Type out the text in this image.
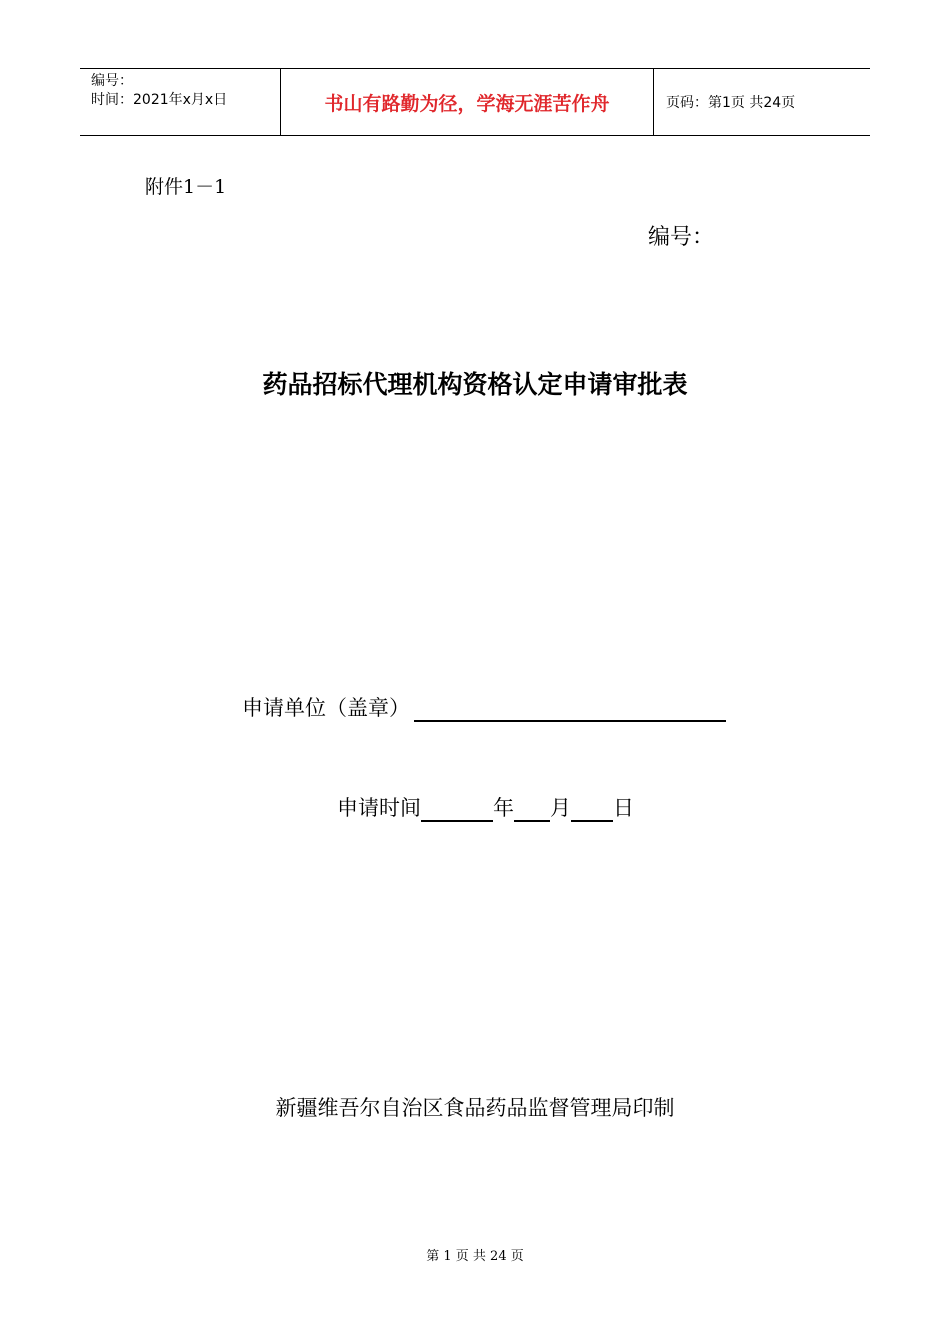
编号：
时间：2021年x月x日	书山有路勤为径，学海无涯苦作舟	页码：第1页 共24页
附件1－1
编号：
药品招标代理机构资格认定申请审批表
申请单位（盖章）
申请时间	年 月 日
新疆维吾尔自治区食品药品监督管理局印制
第 1 页 共 24 页
